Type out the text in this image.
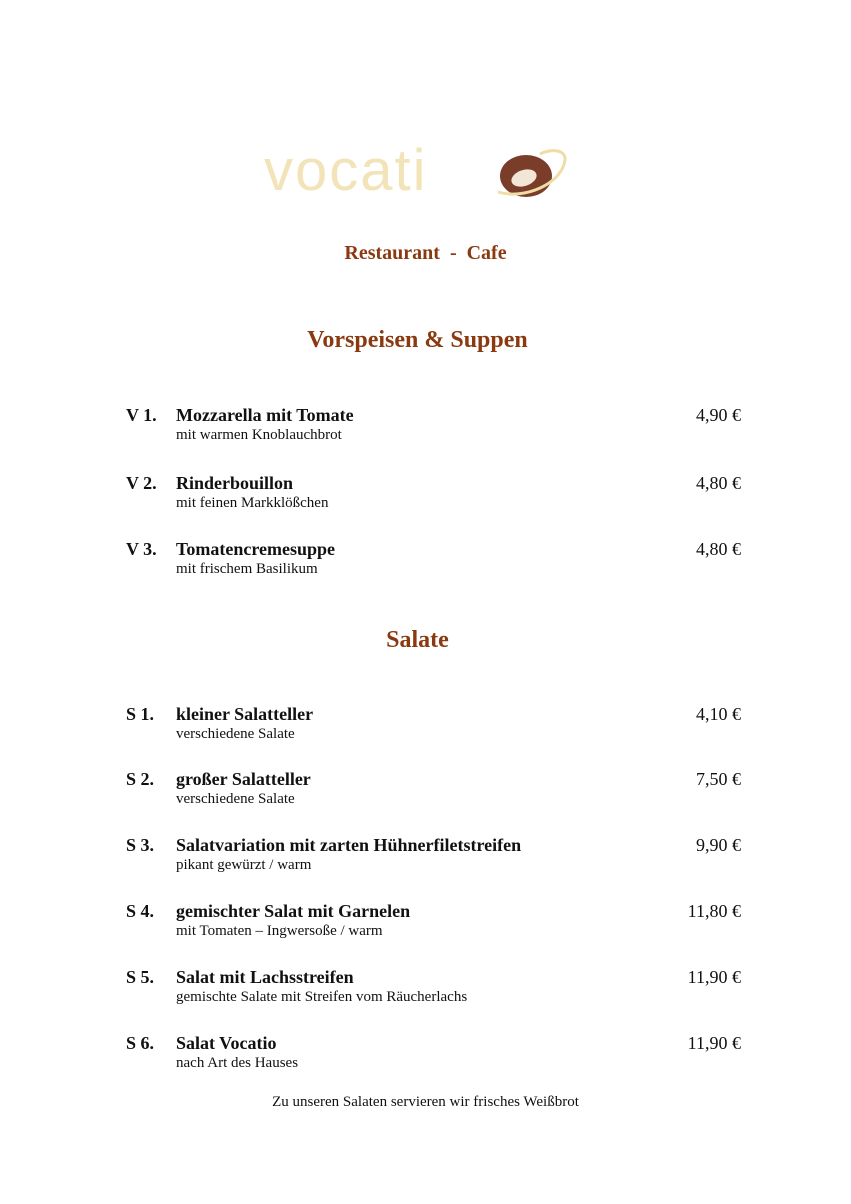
vocati
Restaurant  -  Cafe
Vorspeisen & Suppen
V 1. Mozzarella mit Tomate
mit warmen Knoblauchbrot
4,90 €
V 2. Rinderbouillon
mit feinen Markklößchen
4,80 €
V 3. Tomatencremesuppe
mit frischem Basilikum
4,80 €
Salate
S 1. kleiner Salatteller
verschiedene Salate
4,10 €
S 2. großer Salatteller
verschiedene Salate
7,50 €
S 3. Salatvariation mit zarten Hühnerfiletstreifen
pikant gewürzt / warm
9,90 €
S 4. gemischter Salat mit Garnelen
mit Tomaten – Ingwersoße / warm
11,80 €
S 5. Salat mit Lachsstreifen
gemischte Salate mit Streifen vom Räucherlachs
11,90 €
S 6. Salat Vocatio
nach Art des Hauses
11,90 €
Zu unseren Salaten servieren wir frisches Weißbrot
